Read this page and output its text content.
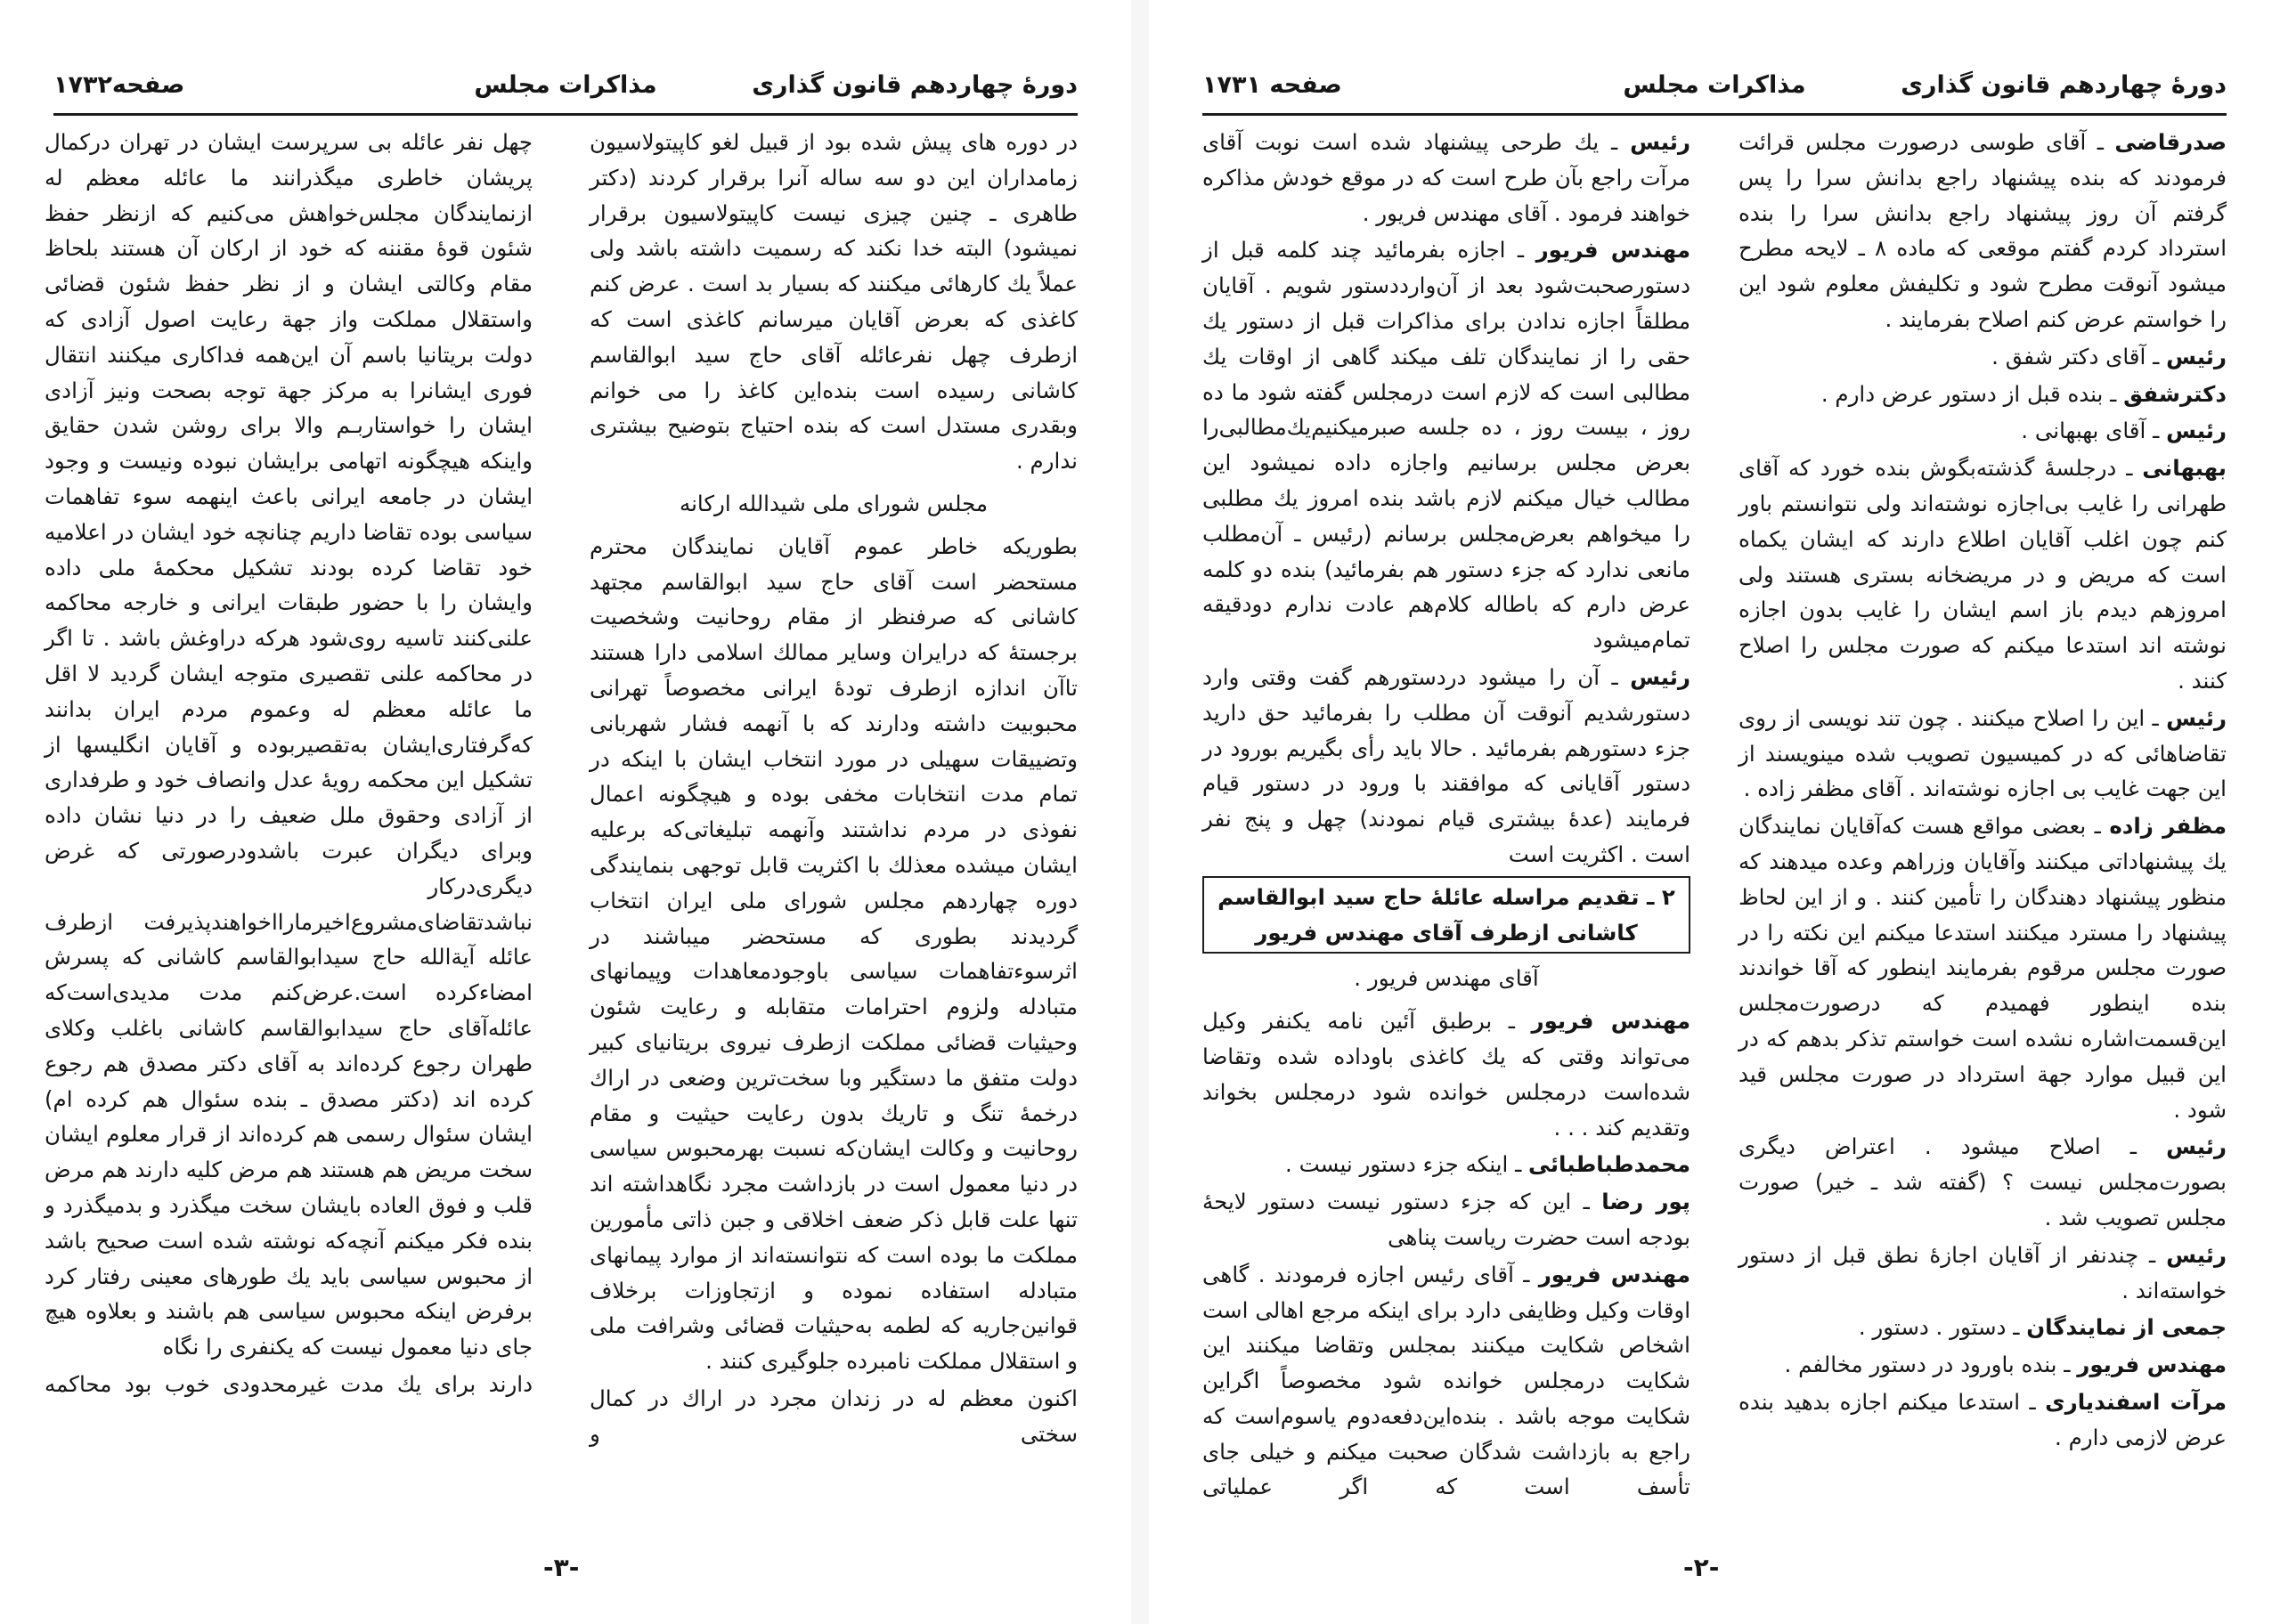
دورهٔ چهاردهم قانون گذاری
مذاکرات مجلس
صفحه۱۷۳۲

در دوره های پیش شده بود از قبیل لغو کاپیتولاسیون زمامداران این دو سه ساله آنرا برقرار کردند (دکتر طاهری ـ چنین چیزی نیست کاپیتولاسیون برقرار نمیشود) البته خدا نکند که رسمیت داشته باشد ولی عملاً یك کارهائی میکنند که بسیار بد است . عرض کنم کاغذی که بعرض آقایان میرسانم کاغذی است که ازطرف چهل نفرعائله آقای حاج سید ابوالقاسم کاشانی رسیده است بنده‌این کاغذ را می خوانم وبقدری مستدل است که بنده احتیاج بتوضیح بیشتری ندارم .

مجلس شورای ملی شیدالله ارکانه

بطوریکه خاطر عموم آقایان نمایندگان محترم مستحضر است آقای حاج سید ابوالقاسم مجتهد کاشانی که صرفنظر از مقام روحانیت وشخصیت برجستهٔ که درایران وسایر ممالك اسلامی دارا هستند تاآن اندازه ازطرف تودهٔ ایرانی مخصوصاً تهرانی محبوبیت داشته ودارند که با آنهمه فشار شهربانی وتضییقات سهیلی در مورد انتخاب ایشان با اینکه در تمام مدت انتخابات مخفی بوده و هیچگونه اعمال نفوذی در مردم نداشتند وآنهمه تبلیغاتی‌که برعلیه ایشان میشده معذلك با اکثریت قابل توجهی بنمایندگی دوره چهاردهم مجلس شورای ملی ایران انتخاب گردیدند بطوری که مستحضر میباشند در اثرسوءتفاهمات سیاسی باوجودمعاهدات وپیمانهای متبادله ولزوم احترامات متقابله و رعایت شئون وحیثیات قضائی مملکت ازطرف نیروی بریتانیای کبیر دولت متفق ما دستگیر وبا سخت‌ترین وضعی در اراك درخمهٔ تنگ و تاریك بدون رعایت حیثیت و مقام روحانیت و وکالت ایشان‌که نسبت بهرمحبوس سیاسی در دنیا معمول است در بازداشت مجرد نگاهداشته اند تنها علت قابل ذکر ضعف اخلاقی و جبن ذاتی مأمورین مملکت ما بوده است که نتوانسته‌اند از موارد پیمانهای متبادله استفاده نموده و ازتجاوزات برخلاف قوانین‌جاریه که لطمه به‌حیثیات قضائی وشرافت ملی و استقلال مملکت نامبرده جلوگیری کنند .

اکنون معظم له در زندان مجرد در اراك در کمال سختی و

چهل نفر عائله بی سرپرست ایشان در تهران درکمال پریشان خاطری میگذرانند ما عائله معظم له ازنمایندگان مجلس‌خواهش می‌کنیم که ازنظر حفظ شئون قوهٔ مقننه که خود از ارکان آن هستند بلحاظ مقام وکالتی ایشان و از نظر حفظ شئون قضائی واستقلال مملکت واز جهة رعایت اصول آزادی که دولت بریتانیا باسم آن این‌همه فداکاری میکنند انتقال فوری ایشانرا به مرکز جهة توجه بصحت ونیز آزادی ایشان را خواستاربـم والا برای روشن شدن حقایق واینکه هیچگونه اتهامی برایشان نبوده ونیست و وجود ایشان در جامعه ایرانی باعث اینهمه سوء تفاهمات سیاسی بوده تقاضا داریم چنانچه خود ایشان در اعلامیه خود تقاضا کرده بودند تشکیل محکمهٔ ملی داده وایشان را با حضور طبقات ایرانی و خارجه محاکمه علنی‌کنند تاسیه روی‌شود هرکه دراوغش باشد . تا اگر در محاکمه علنی تقصیری متوجه ایشان گردید لا اقل ما عائله معظم له وعموم مردم ایران بدانند که‌گرفتاری‌ایشان به‌تقصیربوده و آقایان انگلیسها از تشکیل این محکمه رویهٔ عدل وانصاف خود و طرفداری از آزادی وحقوق ملل ضعیف را در دنیا نشان داده وبرای دیگران عبرت باشدودرصورتی که غرض دیگری‌درکار نباشدتقاضای‌مشروع‌اخیرمارااخواهندپذیرفت ازطرف عائله آیةالله حاج سیدابوالقاسم کاشانی که پسرش امضاءکرده است.عرض‌کنم مدت مدیدی‌است‌که عائله‌آقای حاج سیدابوالقاسم کاشانی باغلب وکلای طهران رجوع کرده‌اند به آقای دکتر مصدق هم رجوع کرده اند (دکتر مصدق ـ بنده سئوال هم کرده ام) ایشان سئوال رسمی هم کرده‌اند از قرار معلوم ایشان سخت مریض هم هستند هم مرض کلیه دارند هم مرض قلب و فوق العاده بایشان سخت میگذرد و بدمیگذرد و بنده فکر میکنم آنچه‌که نوشته شده است صحیح باشد از محبوس سیاسی باید یك طورهای معینی رفتار کرد برفرض اینکه محبوس سیاسی هم باشند و بعلاوه هیچ جای دنیا معمول نیست که یکنفری را نگاه

دارند برای یك مدت غیرمحدودی خوب بود محاکمه

-۳-
دورهٔ چهاردهم قانون گذاری
مذاکرات مجلس
صفحه ۱۷۳۱

صدرقاضی ـ آقای طوسی درصورت مجلس قرائت فرمودند که بنده پیشنهاد راجع بدانش سرا را پس گرفتم آن روز پیشنهاد راجع بدانش سرا را بنده استرداد کردم گفتم موقعی که ماده ۸ ـ لایحه مطرح میشود آنوقت مطرح شود و تکلیفش معلوم شود این را خواستم عرض کنم اصلاح بفرمایند .

رئیس ـ آقای دکتر شفق .

دکترشفق ـ بنده قبل از دستور عرض دارم .

رئیس ـ آقای بهبهانی .

بهبهانی ـ درجلسهٔ گذشته‌بگوش بنده خورد که آقای طهرانی را غایب بی‌اجازه نوشته‌اند ولی نتوانستم باور کنم چون اغلب آقایان اطلاع دارند که ایشان یکماه است که مریض و در مریضخانه بستری هستند ولی امروزهم دیدم باز اسم ایشان را غایب بدون اجازه نوشته اند استدعا میکنم که صورت مجلس را اصلاح کنند .

رئیس ـ این را اصلاح میکنند . چون تند نویسی از روی تقاضاهائی که در کمیسیون تصویب شده مینویسند از این جهت غایب بی اجازه نوشته‌اند . آقای مظفر زاده .

مظفر زاده ـ بعضی مواقع هست که‌آقایان نمایندگان یك پیشنهاداتی میکنند وآقایان وزراهم وعده میدهند که منظور پیشنهاد دهندگان را تأمین کنند . و از این لحاظ پیشنهاد را مسترد میکنند استدعا میکنم این نکته را در صورت مجلس مرقوم بفرمایند اینطور که آقا خواندند بنده اینطور فهمیدم که درصورت‌مجلس این‌قسمت‌اشاره نشده است خواستم تذکر بدهم که در این قبیل موارد جهة استرداد در صورت مجلس قید شود .

رئیس ـ اصلاح میشود . اعتراض دیگری بصورت‌مجلس نیست ؟ (گفته شد ـ خیر) صورت مجلس تصویب شد .

رئیس ـ چندنفر از آقایان اجازهٔ نطق قبل از دستور خواسته‌اند .

جمعی از نمایندگان ـ دستور . دستور .

مهندس فریور ـ بنده باورود در دستور مخالفم .

مرآت اسفندیاری ـ استدعا میکنم اجازه بدهید بنده عرض لازمی دارم .

رئیس ـ یك طرحی پیشنهاد شده است نوبت آقای مرآت راجع بآن طرح است که در موقع خودش مذاکره خواهند فرمود . آقای مهندس فریور .

مهندس فریور ـ اجازه بفرمائید چند کلمه قبل از دستورصحبت‌شود بعد از آن‌وارددستور شویم . آقایان مطلقاً اجازه ندادن برای مذاکرات قبل از دستور یك حقی را از نمایندگان تلف میکند گاهی از اوقات یك مطالبی است که لازم است درمجلس گفته شود ما ده روز ، بیست روز ، ده جلسه صبرمیکنیم‌یك‌مطالبی‌را بعرض مجلس برسانیم واجازه داده نمیشود این مطالب خیال میکنم لازم باشد بنده امروز یك مطلبی را میخواهم بعرض‌مجلس برسانم (رئیس ـ آن‌مطلب مانعی ندارد که جزء دستور هم بفرمائید) بنده دو کلمه عرض دارم که باطاله کلام‌هم عادت ندارم دودقیقه تمام‌میشود

رئیس ـ آن را میشود دردستورهم گفت وقتی وارد دستورشدیم آنوقت آن مطلب را بفرمائید حق دارید جزء دستورهم بفرمائید . حالا باید رأی بگیریم بورود در دستور آقایانی که موافقند با ورود در دستور قیام فرمایند (عدهٔ بیشتری قیام نمودند) چهل و پنج نفر است . اکثریت است

۲ ـ تقدیم مراسله عائلهٔ حاج سید ابوالقاسم کاشانی ازطرف آقای مهندس فریور

آقای مهندس فریور .

مهندس فریور ـ برطبق آئین نامه یکنفر وکیل می‌تواند وقتی که یك کاغذی باوداده شده وتقاضا شده‌است درمجلس خوانده شود درمجلس بخواند وتقدیم کند . . .

محمدطباطبائی ـ اینکه جزء دستور نیست .

پور رضا ـ این که جزء دستور نیست دستور لایحهٔ بودجه است حضرت ریاست پناهی

مهندس فریور ـ آقای رئیس اجازه فرمودند . گاهی اوقات وکیل وظایفی دارد برای اینکه مرجع اهالی است اشخاص شکایت میکنند بمجلس وتقاضا میکنند این شکایت درمجلس خوانده شود مخصوصاً اگراین شکایت موجه باشد . بنده‌این‌دفعه‌دوم یاسوم‌است که راجع به بازداشت شدگان صحبت میکنم و خیلی جای تأسف است که اگر عملیاتی

-۲-
